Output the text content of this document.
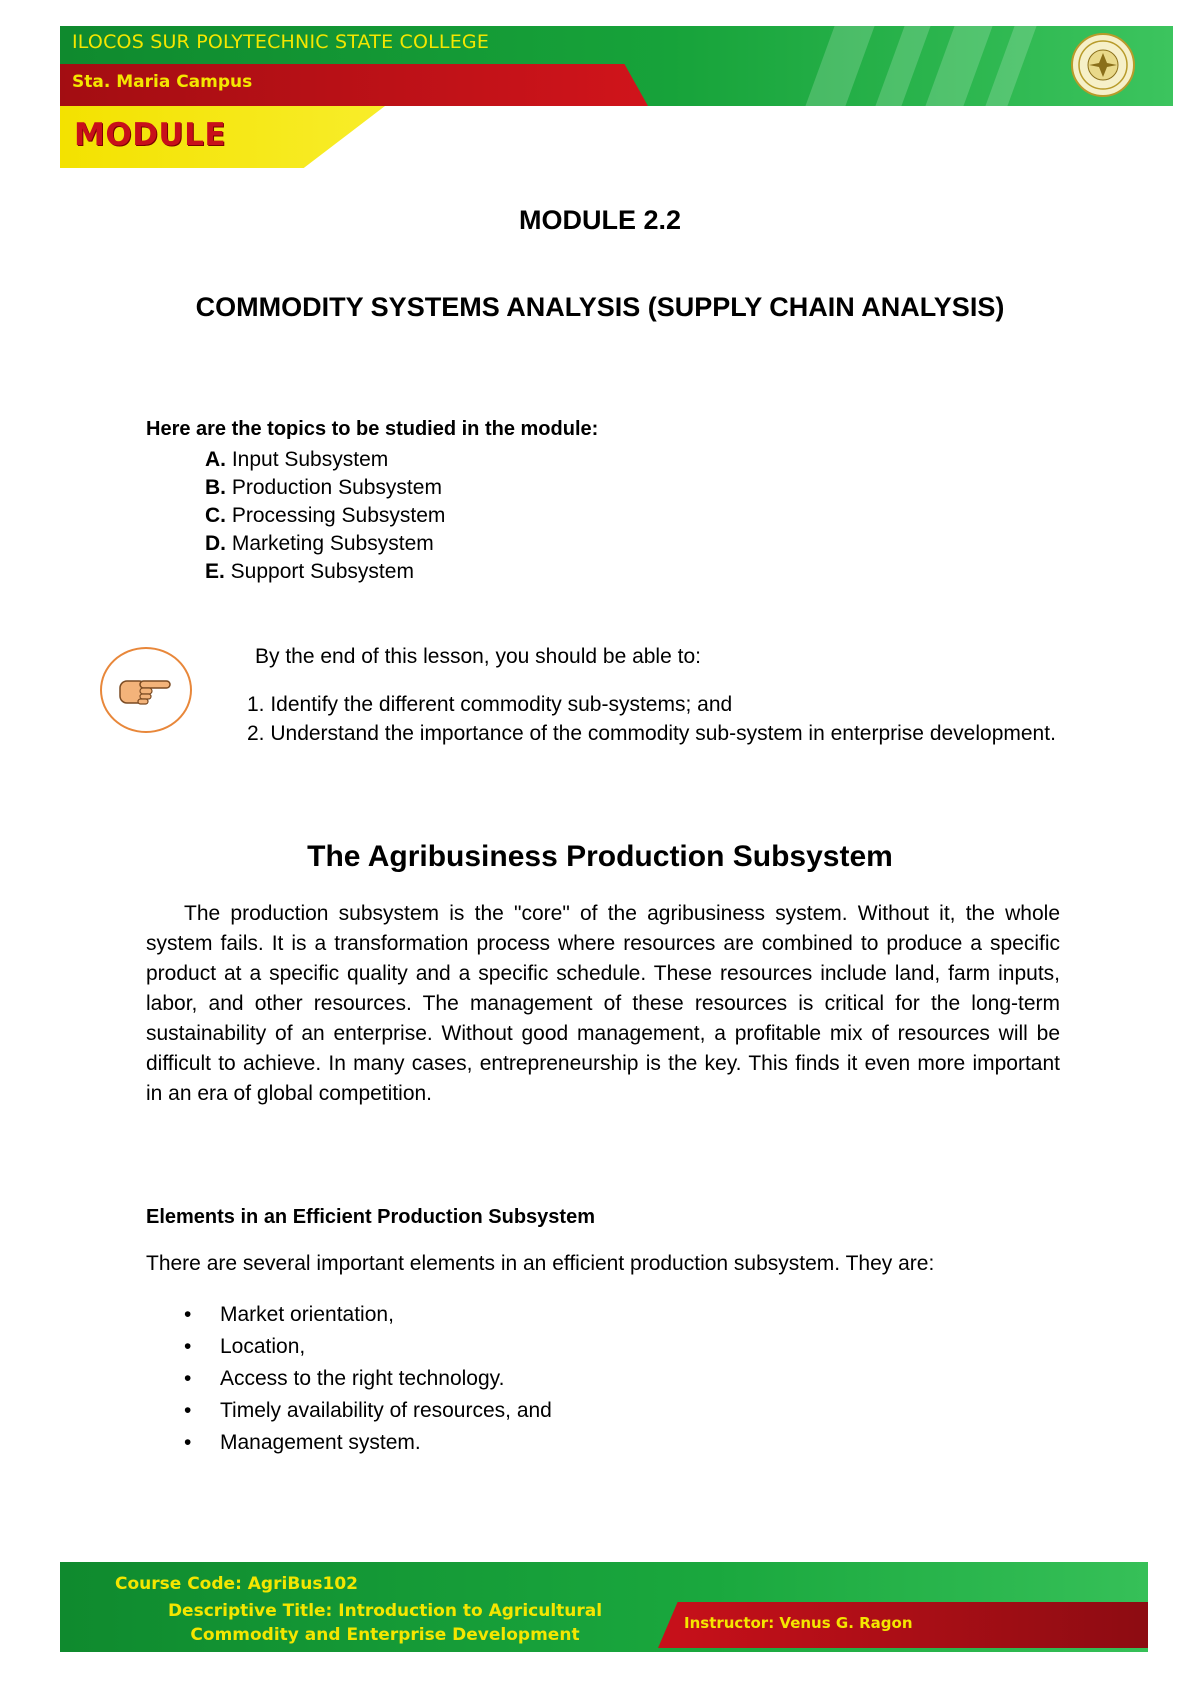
ILOCOS SUR POLYTECHNIC STATE COLLEGE
Sta. Maria Campus
MODULE
MODULE 2.2
COMMODITY SYSTEMS ANALYSIS (SUPPLY CHAIN ANALYSIS)
Here are the topics to be studied in the module:
A. Input Subsystem
B. Production Subsystem
C. Processing Subsystem
D. Marketing Subsystem
E. Support Subsystem
By the end of this lesson, you should be able to:
1. Identify the different commodity sub-systems; and
2. Understand the importance of the commodity sub-system in enterprise development.
The Agribusiness Production Subsystem

The production subsystem is the "core" of the agribusiness system. Without it, the whole system fails. It is a transformation process where resources are combined to produce a specific product at a specific quality and a specific schedule. These resources include land, farm inputs, labor, and other resources. The management of these resources is critical for the long-term sustainability of an enterprise. Without good management, a profitable mix of resources will be difficult to achieve. In many cases, entrepreneurship is the key. This finds it even more important in an era of global competition.

Elements in an Efficient Production Subsystem
There are several important elements in an efficient production subsystem. They are:
• Market orientation,
• Location,
• Access to the right technology.
• Timely availability of resources, and
• Management system.
Course Code: AgriBus102
Descriptive Title: Introduction to Agricultural Commodity and Enterprise Development
Instructor: Venus G. Ragon
